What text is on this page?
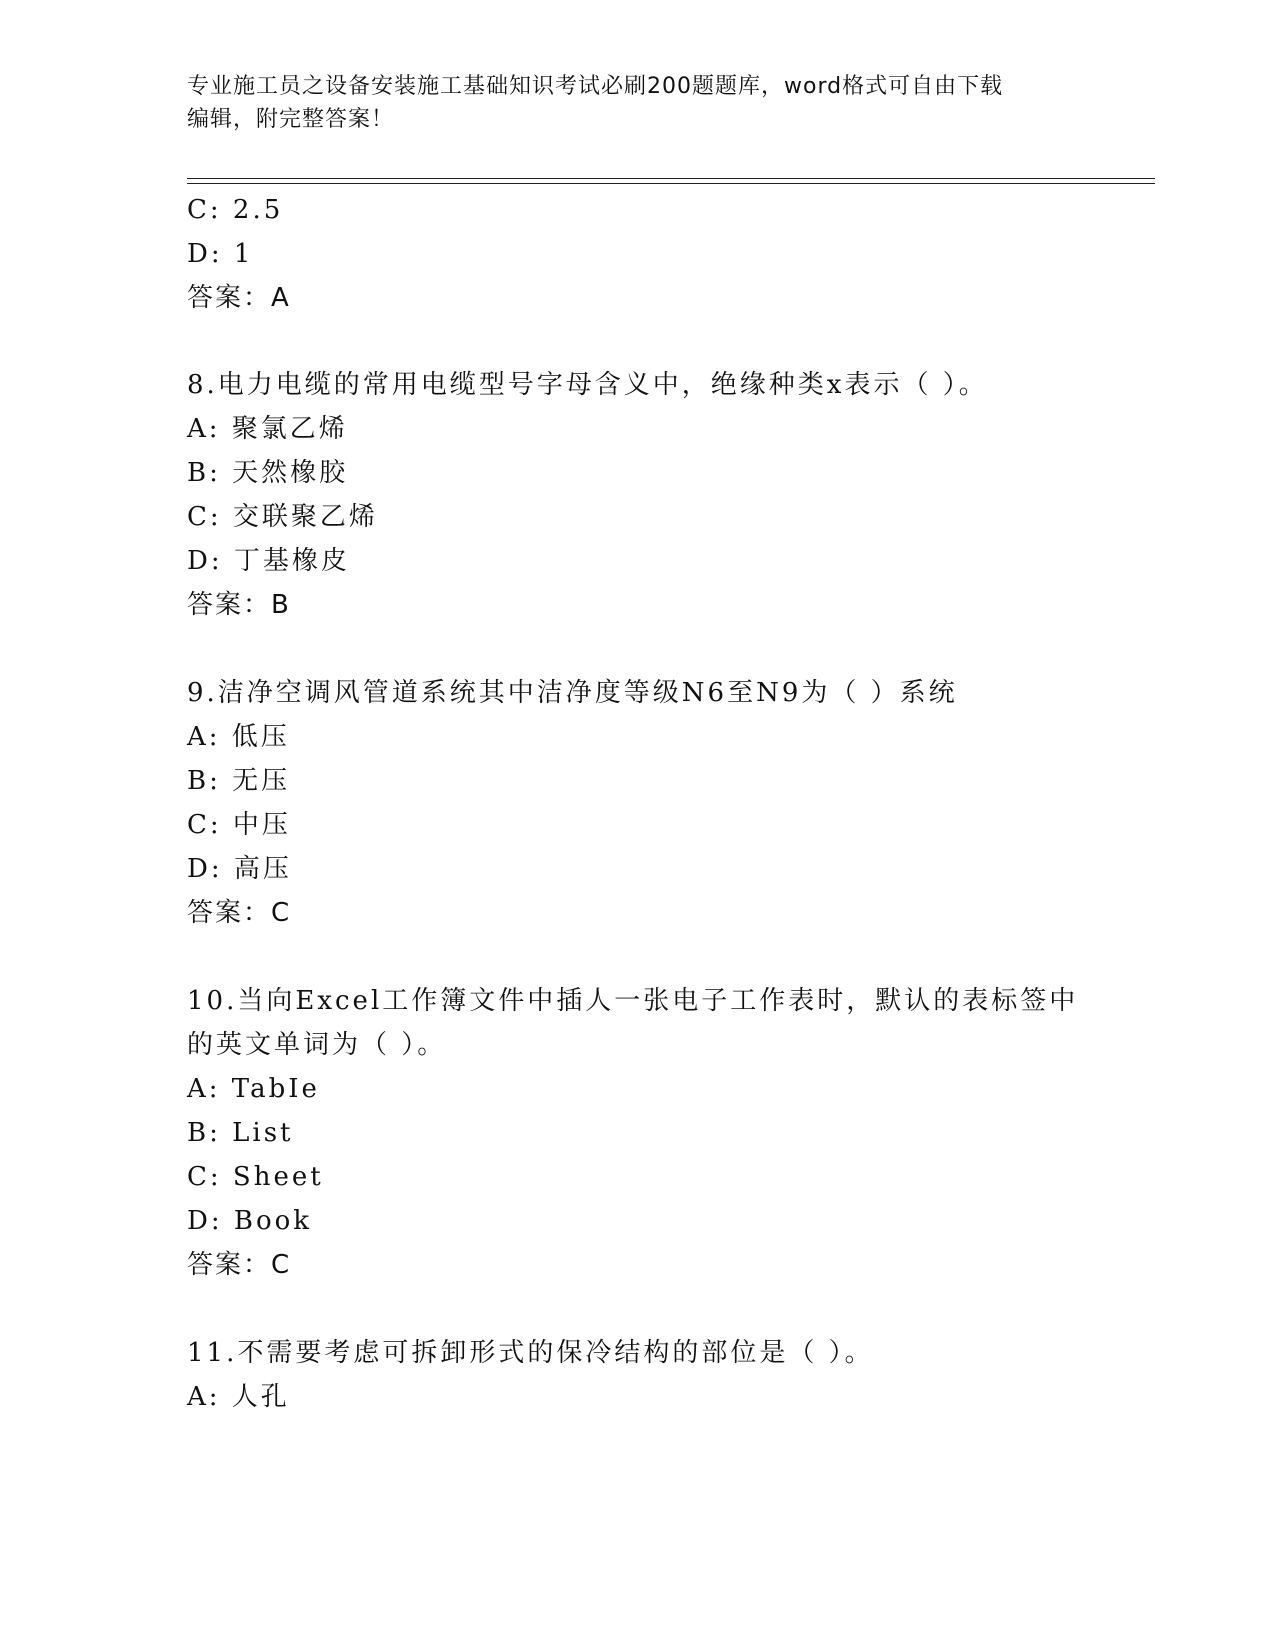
专业施工员之设备安装施工基础知识考试必刷200题题库，word格式可自由下载
编辑，附完整答案！

C: 2.5

D: 1

答案：A

8.电力电缆的常用电缆型号字母含义中，绝缘种类x表示（ ）。

A: 聚氯乙烯

B: 天然橡胶

C: 交联聚乙烯

D: 丁基橡皮

答案：B

9.洁净空调风管道系统其中洁净度等级N6至N9为（ ）系统

A: 低压

B: 无压

C: 中压

D: 高压

答案：C

10.当向Excel工作簿文件中插人一张电子工作表时，默认的表标签中

的英文单词为（ ）。

A: TabIe

B: List

C: Sheet

D: Book

答案：C

11.不需要考虑可拆卸形式的保冷结构的部位是（ ）。

A: 人孔
